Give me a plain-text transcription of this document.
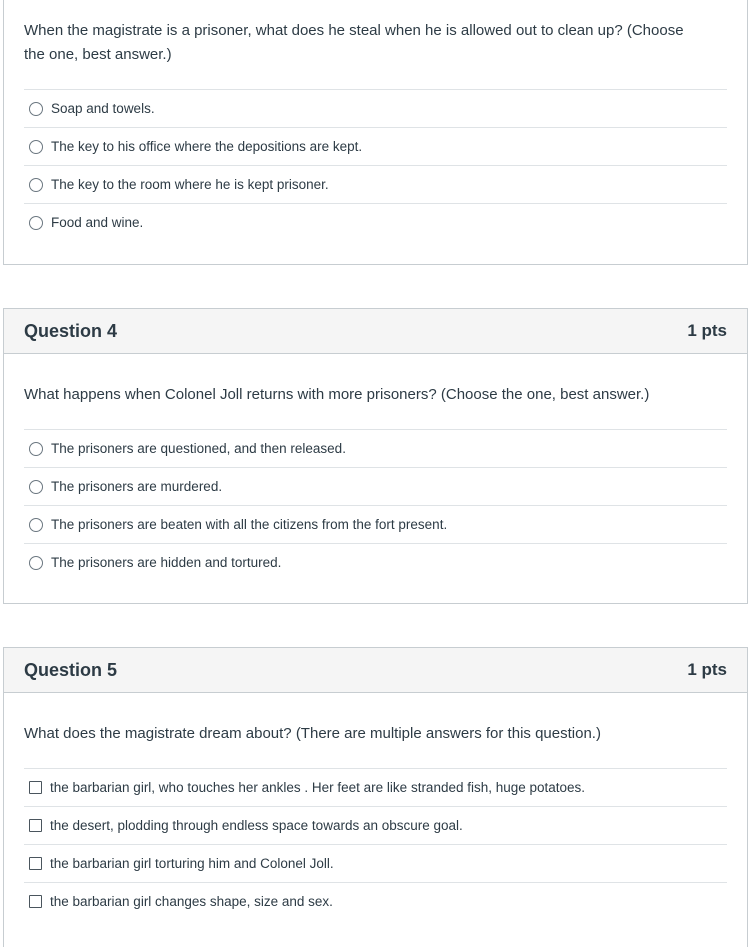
When the magistrate is a prisoner, what does he steal when he is allowed out to clean up? (Choose the one, best answer.)
Soap and towels.
The key to his office where the depositions are kept.
The key to the room where he is kept prisoner.
Food and wine.
Question 4	1 pts
What happens when Colonel Joll returns with more prisoners? (Choose the one, best answer.)
The prisoners are questioned, and then released.
The prisoners are murdered.
The prisoners are beaten with all the citizens from the fort present.
The prisoners are hidden and tortured.
Question 5	1 pts
What does the magistrate dream about? (There are multiple answers for this question.)
the barbarian girl, who touches her ankles . Her feet are like stranded fish, huge potatoes.
the desert, plodding through endless space towards an obscure goal.
the barbarian girl torturing him and Colonel Joll.
the barbarian girl changes shape, size and sex.
